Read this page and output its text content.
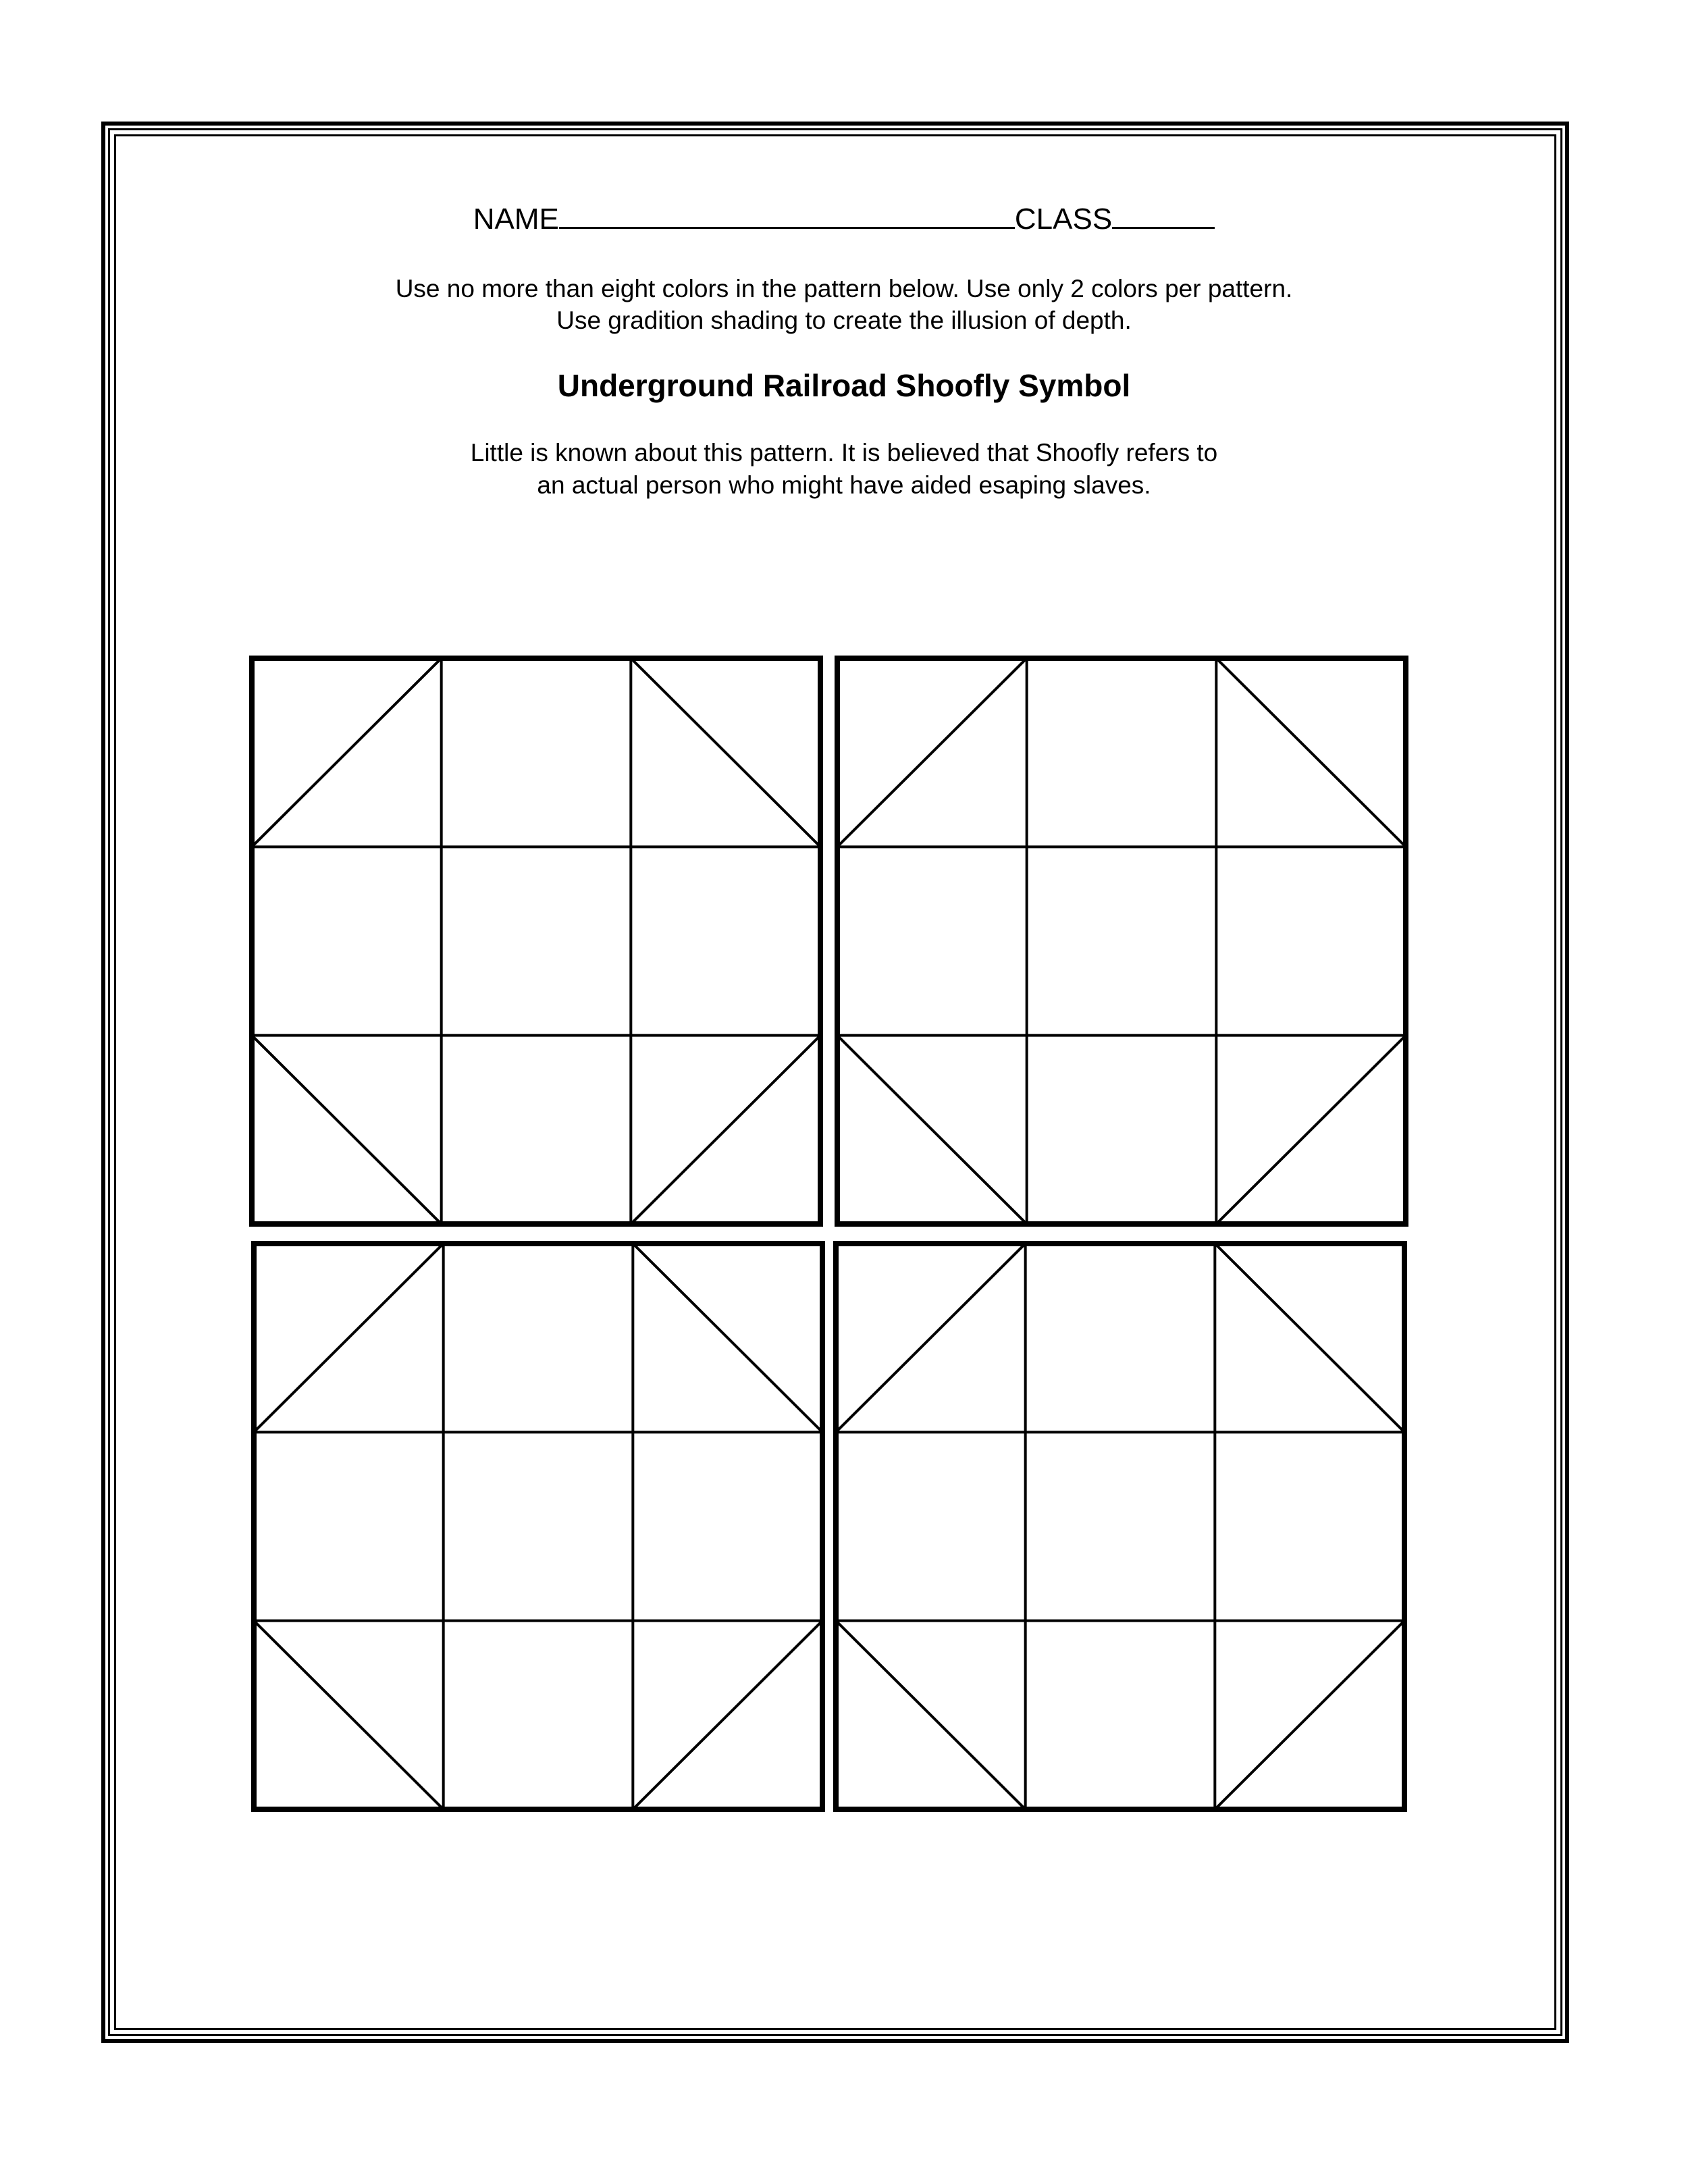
NAME	CLASS
Use no more than eight colors in the pattern below. Use only 2 colors per pattern.
Use gradition shading to create the illusion of depth.
Underground Railroad Shoofly Symbol
Little is known about this pattern. It is believed that Shoofly refers to
an actual person who might have aided esaping slaves.
